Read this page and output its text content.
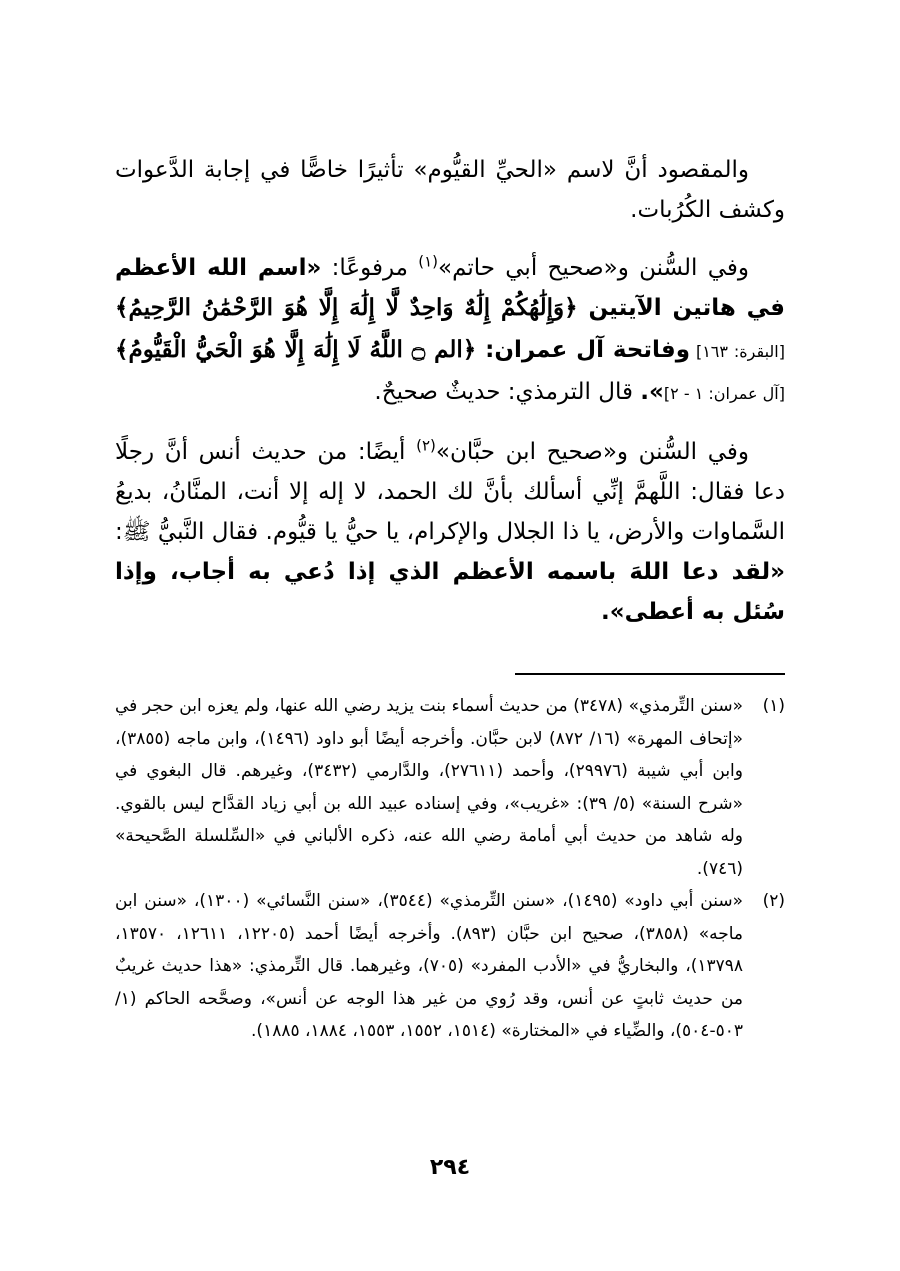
والمقصود أنَّ لاسم «الحيِّ القيُّوم» تأثيرًا خاصًّا في إجابة الدَّعوات وكشف الكُرُبات.

وفي السُّنن و«صحيح أبي حاتم»$^{(١)}$ مرفوعًا: «اسم الله الأعظم في هاتين الآيتين ﴿وَإِلَٰهُكُمْ إِلَٰهٌ وَاحِدٌ لَّا إِلَٰهَ إِلَّا هُوَ الرَّحْمَٰنُ الرَّحِيمُ﴾ [البقرة: ١٦٣] وفاتحة آل عمران: ﴿الم ۝ اللَّهُ لَا إِلَٰهَ إِلَّا هُوَ الْحَيُّ الْقَيُّومُ﴾ [آل عمران: ١ - ٢]». قال الترمذي: حديثٌ صحيحٌ.

وفي السُّنن و«صحيح ابن حبَّان»$^{(٢)}$ أيضًا: من حديث أنس أنَّ رجلًا دعا فقال: اللَّهمَّ إنِّي أسألك بأنَّ لك الحمد، لا إله إلا أنت، المنَّانُ، بديعُ السَّماوات والأرض، يا ذا الجلال والإكرام، يا حيُّ يا قيُّوم. فقال النَّبيُّ ﷺ: «لقد دعا اللهَ باسمه الأعظم الذي إذا دُعي به أجاب، وإذا سُئل به أعطى».

(١)
«سنن التِّرمذي» (٣٤٧٨) من حديث أسماء بنت يزيد رضي الله عنها، ولم يعزه ابن حجر في «إتحاف المهرة» (١٦/ ٨٧٢) لابن حبَّان. وأخرجه أيضًا أبو داود (١٤٩٦)، وابن ماجه (٣٨٥٥)، وابن أبي شيبة (٢٩٩٧٦)، وأحمد (٢٧٦١١)، والدَّارمي (٣٤٣٢)، وغيرهم. قال البغوي في «شرح السنة» (٥/ ٣٩): «غريب»، وفي إسناده عبيد الله بن أبي زياد القدَّاح ليس بالقوي. وله شاهد من حديث أبي أمامة رضي الله عنه، ذكره الألباني في «السِّلسلة الصَّحيحة» (٧٤٦).
(٢)
«سنن أبي داود» (١٤٩٥)، «سنن التِّرمذي» (٣٥٤٤)، «سنن النَّسائي» (١٣٠٠)، «سنن ابن ماجه» (٣٨٥٨)، صحيح ابن حبَّان (٨٩٣). وأخرجه أيضًا أحمد (١٢٢٠٥، ١٢٦١١، ١٣٥٧٠، ١٣٧٩٨)، والبخاريُّ في «الأدب المفرد» (٧٠٥)، وغيرهما. قال التِّرمذي: «هذا حديث غريبٌ من حديث ثابتٍ عن أنس، وقد رُوي من غير هذا الوجه عن أنس»، وصحَّحه الحاكم (١/ ٥٠٣-٥٠٤)، والضِّياء في «المختارة» (١٥١٤، ١٥٥٢، ١٥٥٣، ١٨٨٤، ١٨٨٥).
٢٩٤
